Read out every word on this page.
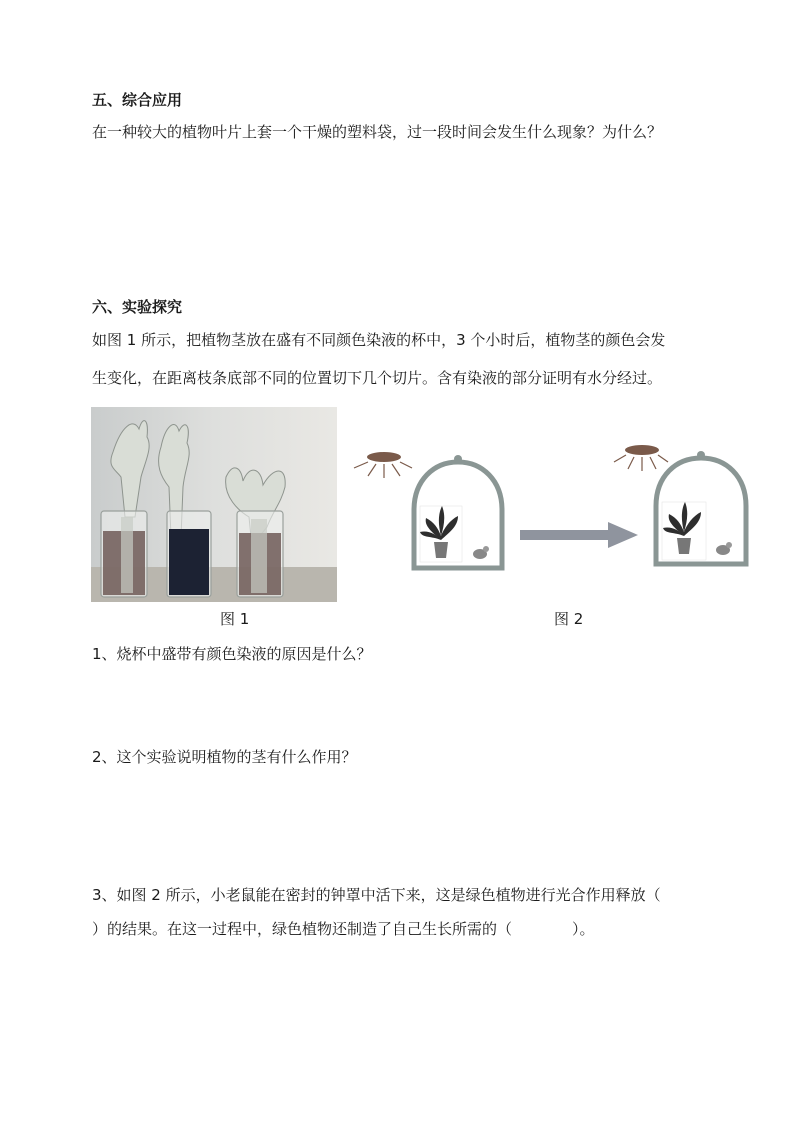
五、综合应用
在一种较大的植物叶片上套一个干燥的塑料袋，过一段时间会发生什么现象？为什么？
六、实验探究
如图 1 所示，把植物茎放在盛有不同颜色染液的杯中，3 个小时后，植物茎的颜色会发
生变化，在距离枝条底部不同的位置切下几个切片。含有染液的部分证明有水分经过。
图 1	图 2
1、烧杯中盛带有颜色染液的原因是什么？
2、这个实验说明植物的茎有什么作用？
3、如图 2 所示，小老鼠能在密封的钟罩中活下来，这是绿色植物进行光合作用释放（
）的结果。在这一过程中，绿色植物还制造了自己生长所需的（　　　　）。
